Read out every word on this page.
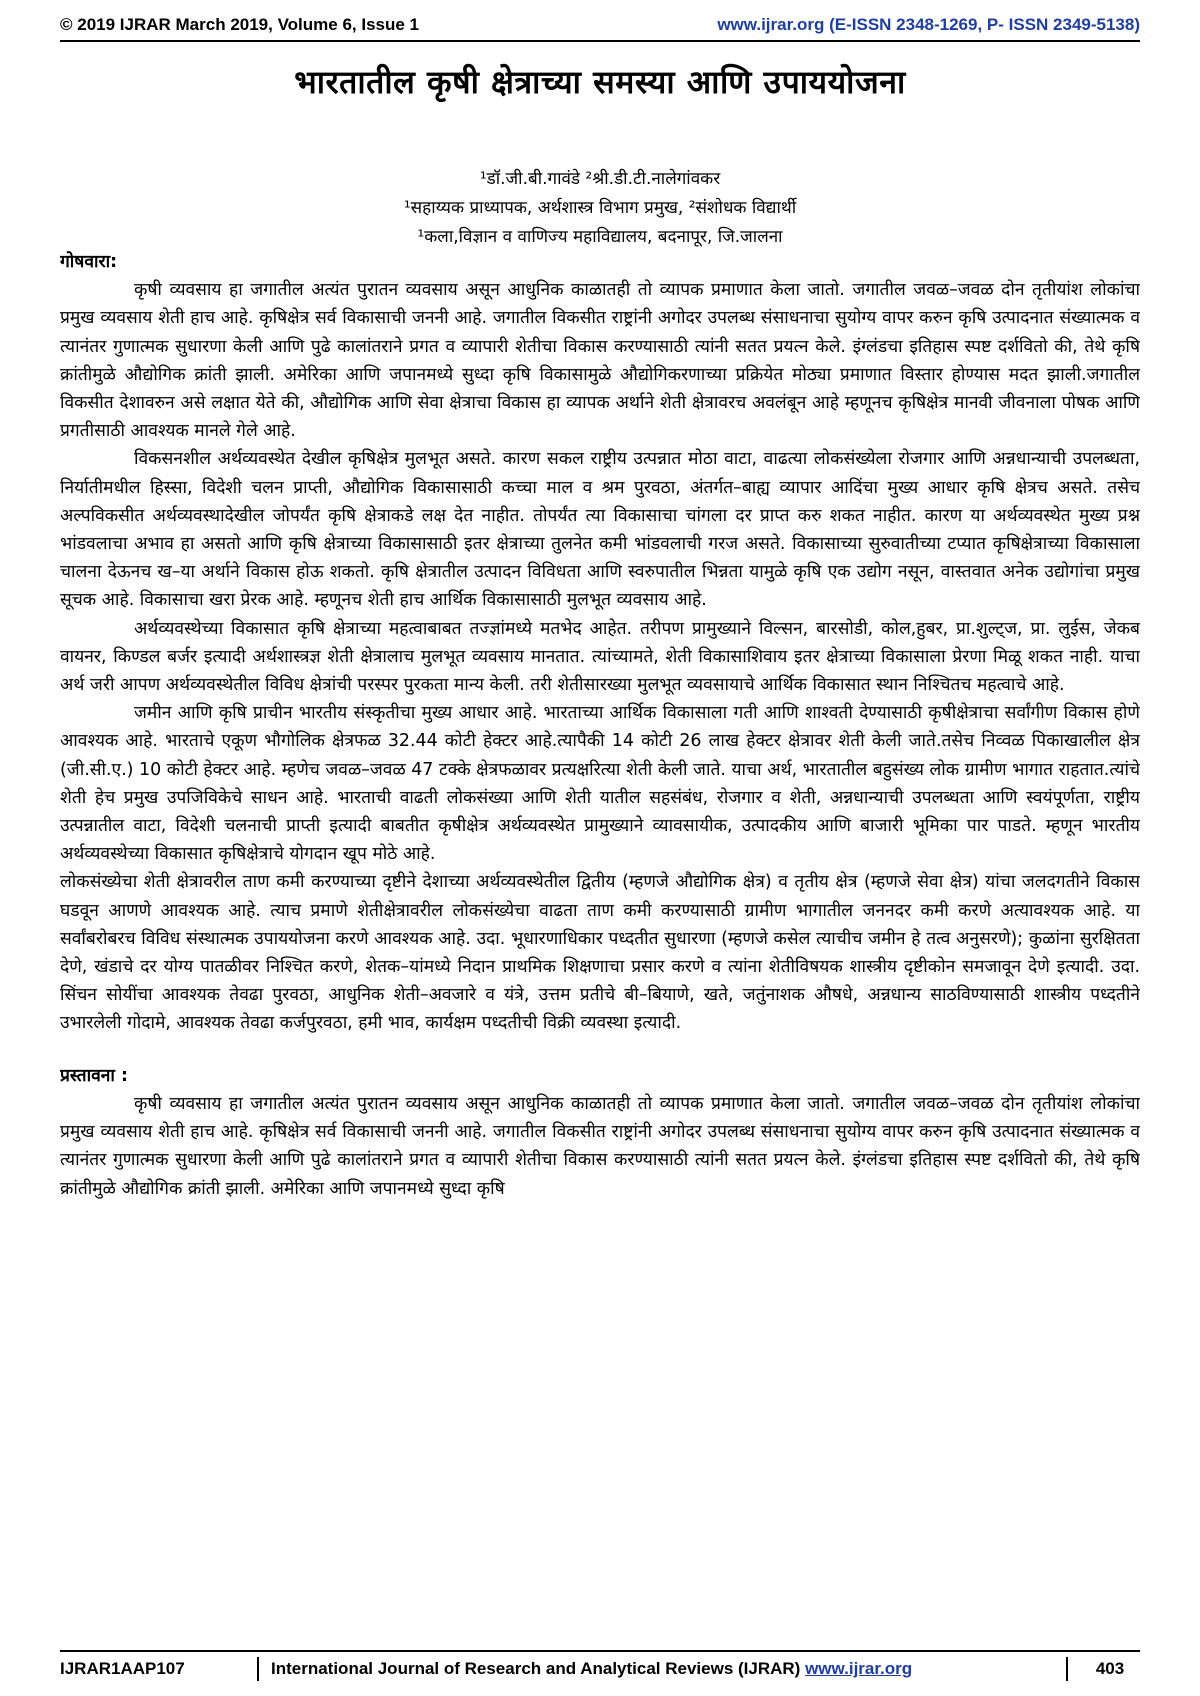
© 2019 IJRAR March 2019, Volume 6, Issue 1	www.ijrar.org (E-ISSN 2348-1269, P- ISSN 2349-5138)
भारतातील कृषी क्षेत्राच्या समस्या आणि उपाययोजना
¹डॉ.जी.बी.गावंडे ²श्री.डी.टी.नालेगांवकर
¹सहाय्यक प्राध्यापक, अर्थशास्त्र विभाग प्रमुख, ²संशोधक विद्यार्थी
¹कला,विज्ञान व वाणिज्य महाविद्यालय, बदनापूर, जि.जालना
गोषवारा:

कृषी व्यवसाय हा जगातील अत्यंत पुरातन व्यवसाय असून आधुनिक काळातही तो व्यापक प्रमाणात केला जातो. जगातील जवळ–जवळ दोन तृतीयांश लोकांचा प्रमुख व्यवसाय शेती हाच आहे. कृषिक्षेत्र सर्व विकासाची जननी आहे. जगातील विकसीत राष्ट्रांनी अगोदर उपलब्ध संसाधनाचा सुयोग्य वापर करुन कृषि उत्पादनात संख्यात्मक व त्यानंतर गुणात्मक सुधारणा केली आणि पुढे कालांतराने प्रगत व व्यापारी शेतीचा विकास करण्यासाठी त्यांनी सतत प्रयत्न केले. इंग्लंडचा इतिहास स्पष्ट दर्शवितो की, तेथे कृषि क्रांतीमुळे औद्योगिक क्रांती झाली. अमेरिका आणि जपानमध्ये सुध्दा कृषि विकासामुळे औद्योगिकरणाच्या प्रक्रियेत मोठ्या प्रमाणात विस्तार होण्यास मदत झाली.जगातील विकसीत देशावरुन असे लक्षात येते की, औद्योगिक आणि सेवा क्षेत्राचा विकास हा व्यापक अर्थाने शेती क्षेत्रावरच अवलंबून आहे म्हणूनच कृषिक्षेत्र मानवी जीवनाला पोषक आणि प्रगतीसाठी आवश्यक मानले गेले आहे.

विकसनशील अर्थव्यवस्थेत देखील कृषिक्षेत्र मुलभूत असते. कारण सकल राष्ट्रीय उत्पन्नात मोठा वाटा, वाढत्या लोकसंख्येला रोजगार आणि अन्नधान्याची उपलब्धता, निर्यातीमधील हिस्सा, विदेशी चलन प्राप्ती, औद्योगिक विकासासाठी कच्चा माल व श्रम पुरवठा, अंतर्गत–बाह्य व्यापार आदिंचा मुख्य आधार कृषि क्षेत्रच असते. तसेच अल्पविकसीत अर्थव्यवस्थादेखील जोपर्यंत कृषि क्षेत्राकडे लक्ष देत नाहीत. तोपर्यंत त्या विकासाचा चांगला दर प्राप्त करु शकत नाहीत. कारण या अर्थव्यवस्थेत मुख्य प्रश्न भांडवलाचा अभाव हा असतो आणि कृषि क्षेत्राच्या विकासासाठी इतर क्षेत्राच्या तुलनेत कमी भांडवलाची गरज असते. विकासाच्या सुरुवातीच्या टप्यात कृषिक्षेत्राच्या विकासाला चालना देऊनच ख–या अर्थाने विकास होऊ शकतो. कृषि क्षेत्रातील उत्पादन विविधता आणि स्वरुपातील भिन्नता यामुळे कृषि एक उद्योग नसून, वास्तवात अनेक उद्योगांचा प्रमुख सूचक आहे. विकासाचा खरा प्रेरक आहे. म्हणूनच शेती हाच आर्थिक विकासासाठी मुलभूत व्यवसाय आहे.

अर्थव्यवस्थेच्या विकासात कृषि क्षेत्राच्या महत्वाबाबत तज्ज्ञांमध्ये मतभेद आहेत. तरीपण प्रामुख्याने विल्सन, बारसोडी, कोल,हुबर, प्रा.शुल्ट्ज, प्रा. लुईस, जेकब वायनर, किण्डल बर्जर इत्यादी अर्थशास्त्रज्ञ शेती क्षेत्रालाच मुलभूत व्यवसाय मानतात. त्यांच्यामते, शेती विकासाशिवाय इतर क्षेत्राच्या विकासाला प्रेरणा मिळू शकत नाही. याचा अर्थ जरी आपण अर्थव्यवस्थेतील विविध क्षेत्रांची परस्पर पुरकता मान्य केली. तरी शेतीसारख्या मुलभूत व्यवसायाचे आर्थिक विकासात स्थान निश्चितच महत्वाचे आहे.

जमीन आणि कृषि प्राचीन भारतीय संस्कृतीचा मुख्य आधार आहे. भारताच्या आर्थिक विकासाला गती आणि शाश्वती देण्यासाठी कृषीक्षेत्राचा सर्वांगीण विकास होणे आवश्यक आहे. भारताचे एकूण भौगोलिक क्षेत्रफळ 32.44 कोटी हेक्टर आहे.त्यापैकी 14 कोटी 26 लाख हेक्टर क्षेत्रावर शेती केली जाते.तसेच निव्वळ पिकाखालील क्षेत्र (जी.सी.ए.) 10 कोटी हेक्टर आहे. म्हणेच जवळ–जवळ 47 टक्के क्षेत्रफळावर प्रत्यक्षरित्या शेती केली जाते. याचा अर्थ, भारतातील बहुसंख्य लोक ग्रामीण भागात राहतात.त्यांचे शेती हेच प्रमुख उपजिविकेचे साधन आहे. भारताची वाढती लोकसंख्या आणि शेती यातील सहसंबंध, रोजगार व शेती, अन्नधान्याची उपलब्धता आणि स्वयंपूर्णता, राष्ट्रीय उत्पन्नातील वाटा, विदेशी चलनाची प्राप्ती इत्यादी बाबतीत कृषीक्षेत्र अर्थव्यवस्थेत प्रामुख्याने व्यावसायीक, उत्पादकीय आणि बाजारी भूमिका पार पाडते. म्हणून भारतीय अर्थव्यवस्थेच्या विकासात कृषिक्षेत्राचे योगदान खूप मोठे आहे.

लोकसंख्येचा शेती क्षेत्रावरील ताण कमी करण्याच्या दृष्टीने देशाच्या अर्थव्यवस्थेतील द्वितीय (म्हणजे औद्योगिक क्षेत्र) व तृतीय क्षेत्र (म्हणजे सेवा क्षेत्र) यांचा जलदगतीने विकास घडवून आणणे आवश्यक आहे. त्याच प्रमाणे शेतीक्षेत्रावरील लोकसंख्येचा वाढता ताण कमी करण्यासाठी ग्रामीण भागातील जननदर कमी करणे अत्यावश्यक आहे. या सर्वांबरोबरच विविध संस्थात्मक उपाययोजना करणे आवश्यक आहे. उदा. भूधारणाधिकार पध्दतीत सुधारणा (म्हणजे कसेल त्याचीच जमीन हे तत्व अनुसरणे); कुळांना सुरक्षितता देणे, खंडाचे दर योग्य पातळीवर निश्चित करणे, शेतक–यांमध्ये निदान प्राथमिक शिक्षणाचा प्रसार करणे व त्यांना शेतीविषयक शास्त्रीय दृष्टीकोन समजावून देणे इत्यादी. उदा. सिंचन सोयींचा आवश्यक तेवढा पुरवठा, आधुनिक शेती–अवजारे व यंत्रे, उत्तम प्रतीचे बी–बियाणे, खते, जतुंनाशक औषधे, अन्नधान्य साठविण्यासाठी शास्त्रीय पध्दतीने उभारलेली गोदामे, आवश्यक तेवढा कर्जपुरवठा, हमी भाव, कार्यक्षम पध्दतीची विक्री व्यवस्था इत्यादी.

प्रस्तावना :

कृषी व्यवसाय हा जगातील अत्यंत पुरातन व्यवसाय असून आधुनिक काळातही तो व्यापक प्रमाणात केला जातो. जगातील जवळ–जवळ दोन तृतीयांश लोकांचा प्रमुख व्यवसाय शेती हाच आहे. कृषिक्षेत्र सर्व विकासाची जननी आहे. जगातील विकसीत राष्ट्रांनी अगोदर उपलब्ध संसाधनाचा सुयोग्य वापर करुन कृषि उत्पादनात संख्यात्मक व त्यानंतर गुणात्मक सुधारणा केली आणि पुढे कालांतराने प्रगत व व्यापारी शेतीचा विकास करण्यासाठी त्यांनी सतत प्रयत्न केले. इंग्लंडचा इतिहास स्पष्ट दर्शवितो की, तेथे कृषि क्रांतीमुळे औद्योगिक क्रांती झाली. अमेरिका आणि जपानमध्ये सुध्दा कृषि

IJRAR1AAP107	International Journal of Research and Analytical Reviews (IJRAR) www.ijrar.org	403
